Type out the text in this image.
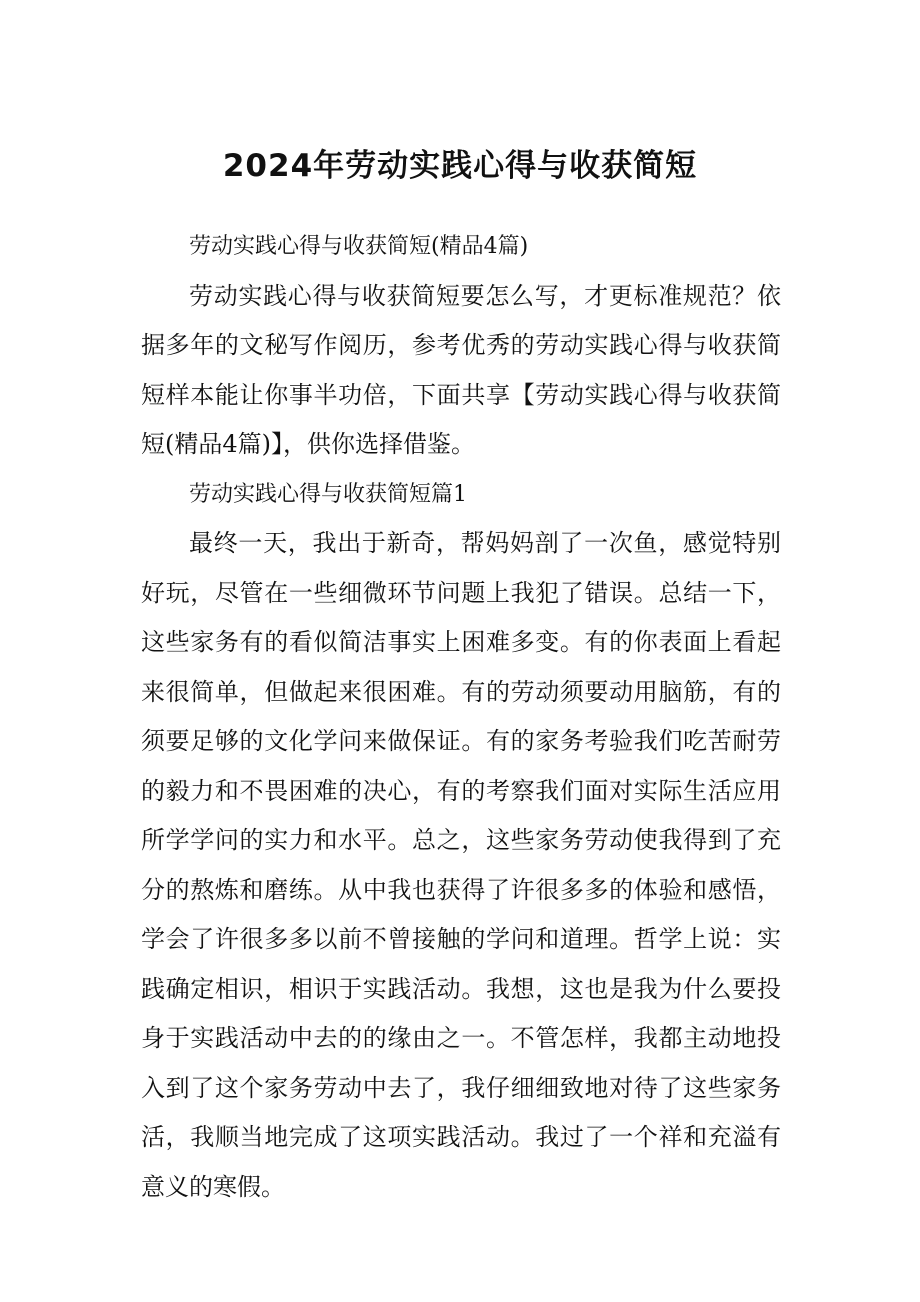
2024年劳动实践心得与收获简短

劳动实践心得与收获简短(精品4篇)

劳动实践心得与收获简短要怎么写，才更标准规范？依据多年的文秘写作阅历，参考优秀的劳动实践心得与收获简短样本能让你事半功倍，下面共享【劳动实践心得与收获简短(精品4篇)】，供你选择借鉴。

劳动实践心得与收获简短篇1

最终一天，我出于新奇，帮妈妈剖了一次鱼，感觉特别好玩，尽管在一些细微环节问题上我犯了错误。总结一下，这些家务有的看似简洁事实上困难多变。有的你表面上看起来很简单，但做起来很困难。有的劳动须要动用脑筋，有的须要足够的文化学问来做保证。有的家务考验我们吃苦耐劳的毅力和不畏困难的决心，有的考察我们面对实际生活应用所学学问的实力和水平。总之，这些家务劳动使我得到了充分的熬炼和磨练。从中我也获得了许很多多的体验和感悟，学会了许很多多以前不曾接触的学问和道理。哲学上说：实践确定相识，相识于实践活动。我想，这也是我为什么要投身于实践活动中去的的缘由之一。不管怎样，我都主动地投入到了这个家务劳动中去了，我仔细细致地对待了这些家务活，我顺当地完成了这项实践活动。我过了一个祥和充溢有意义的寒假。
